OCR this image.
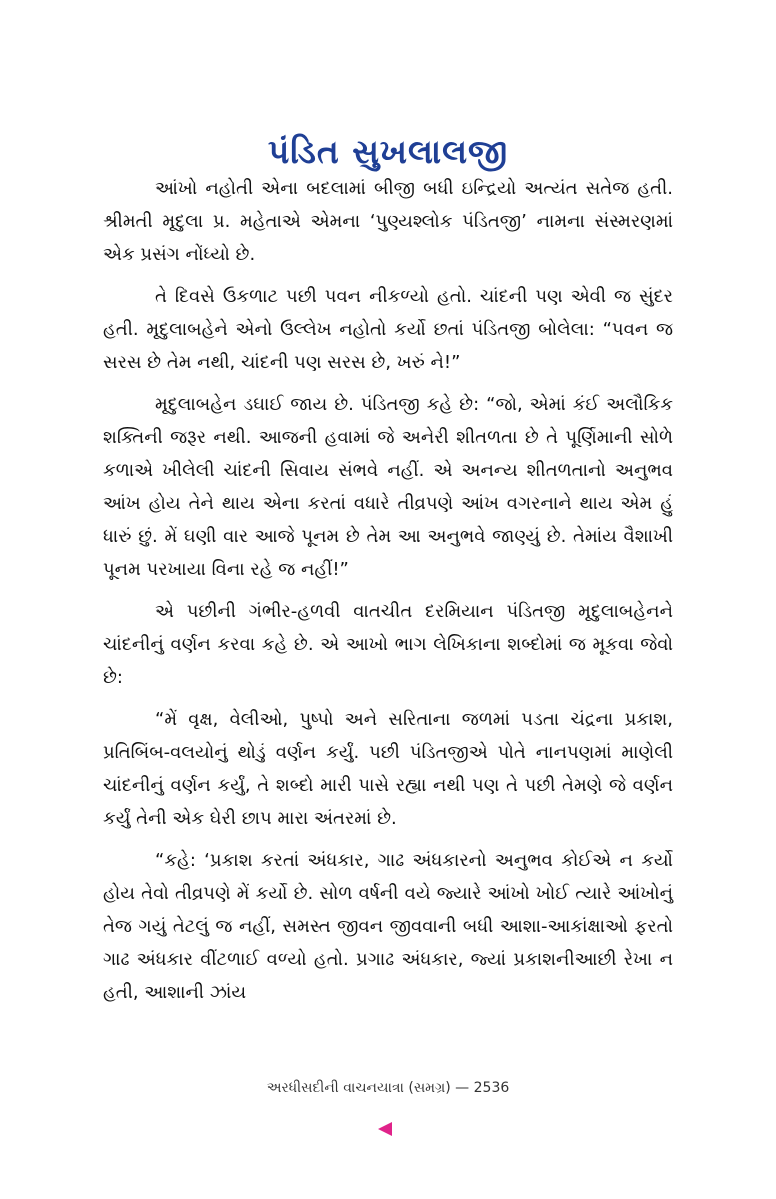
પંડિત સુખલાલજી

આંખો નહોતી એના બદલામાં બીજી બધી ઇન્દ્રિયો અત્યંત સતેજ હતી. શ્રીમતી મૃદુલા પ્ર. મહેતાએ એમના ‘પુણ્યશ્લોક પંડિતજી’ નામના સંસ્મરણમાં એક પ્રસંગ નોંધ્યો છે.

તે દિવસે ઉકળાટ પછી પવન નીકળ્યો હતો. ચાંદની પણ એવી જ સુંદર હતી. મૃદુલાબહેને એનો ઉલ્લેખ નહોતો કર્યો છતાં પંડિતજી બોલેલા: “પવન જ સરસ છે તેમ નથી, ચાંદની પણ સરસ છે, ખરું ને!”

મૃદુલાબહેન ડઘાઈ જાય છે. પંડિતજી કહે છે: “જો, એમાં કંઈ અલૌકિક શક્તિની જરૂર નથી. આજની હવામાં જે અનેરી શીતળતા છે તે પૂર્ણિમાની સોળે કળાએ ખીલેલી ચાંદની સિવાય સંભવે નહીં. એ અનન્ય શીતળતાનો અનુભવ આંખ હોય તેને થાય એના કરતાં વધારે તીવ્રપણે આંખ વગરનાને થાય એમ હું ધારું છું. મેં ઘણી વાર આજે પૂનમ છે તેમ આ અનુભવે જાણ્યું છે. તેમાંય વૈશાખી પૂનમ પરખાયા વિના રહે જ નહીં!”

એ પછીની ગંભીર-હળવી વાતચીત દરમિયાન પંડિતજી મૃદુલાબહેનને ચાંદનીનું વર્ણન કરવા કહે છે. એ આખો ભાગ લેખિકાના શબ્દોમાં જ મૂકવા જેવો છે:

“મેં વૃક્ષ, વેલીઓ, પુષ્પો અને સરિતાના જળમાં પડતા ચંદ્રના પ્રકાશ, પ્રતિબિંબ-વલયોનું થોડું વર્ણન કર્યું. પછી પંડિતજીએ પોતે નાનપણમાં માણેલી ચાંદનીનું વર્ણન કર્યું, તે શબ્દો મારી પાસે રહ્યા નથી પણ તે પછી તેમણે જે વર્ણન કર્યું તેની એક ઘેરી છાપ મારા અંતરમાં છે.

“કહે: ‘પ્રકાશ કરતાં અંધકાર, ગાઢ અંધકારનો અનુભવ કોઈએ ન કર્યો હોય તેવો તીવ્રપણે મેં કર્યો છે. સોળ વર્ષની વયે જ્યારે આંખો ખોઈ ત્યારે આંખોનું તેજ ગયું તેટલું જ નહીં, સમસ્ત જીવન જીવવાની બધી આશા-આકાંક્ષાઓ ફરતો ગાઢ અંધકાર વીંટળાઈ વળ્યો હતો. પ્રગાઢ અંધકાર, જ્યાં પ્રકાશનીઆછી રેખા ન હતી, આશાની ઝાંય

અરધીસદીની વાચનયાત્રા (સમગ્ર) — 2536
